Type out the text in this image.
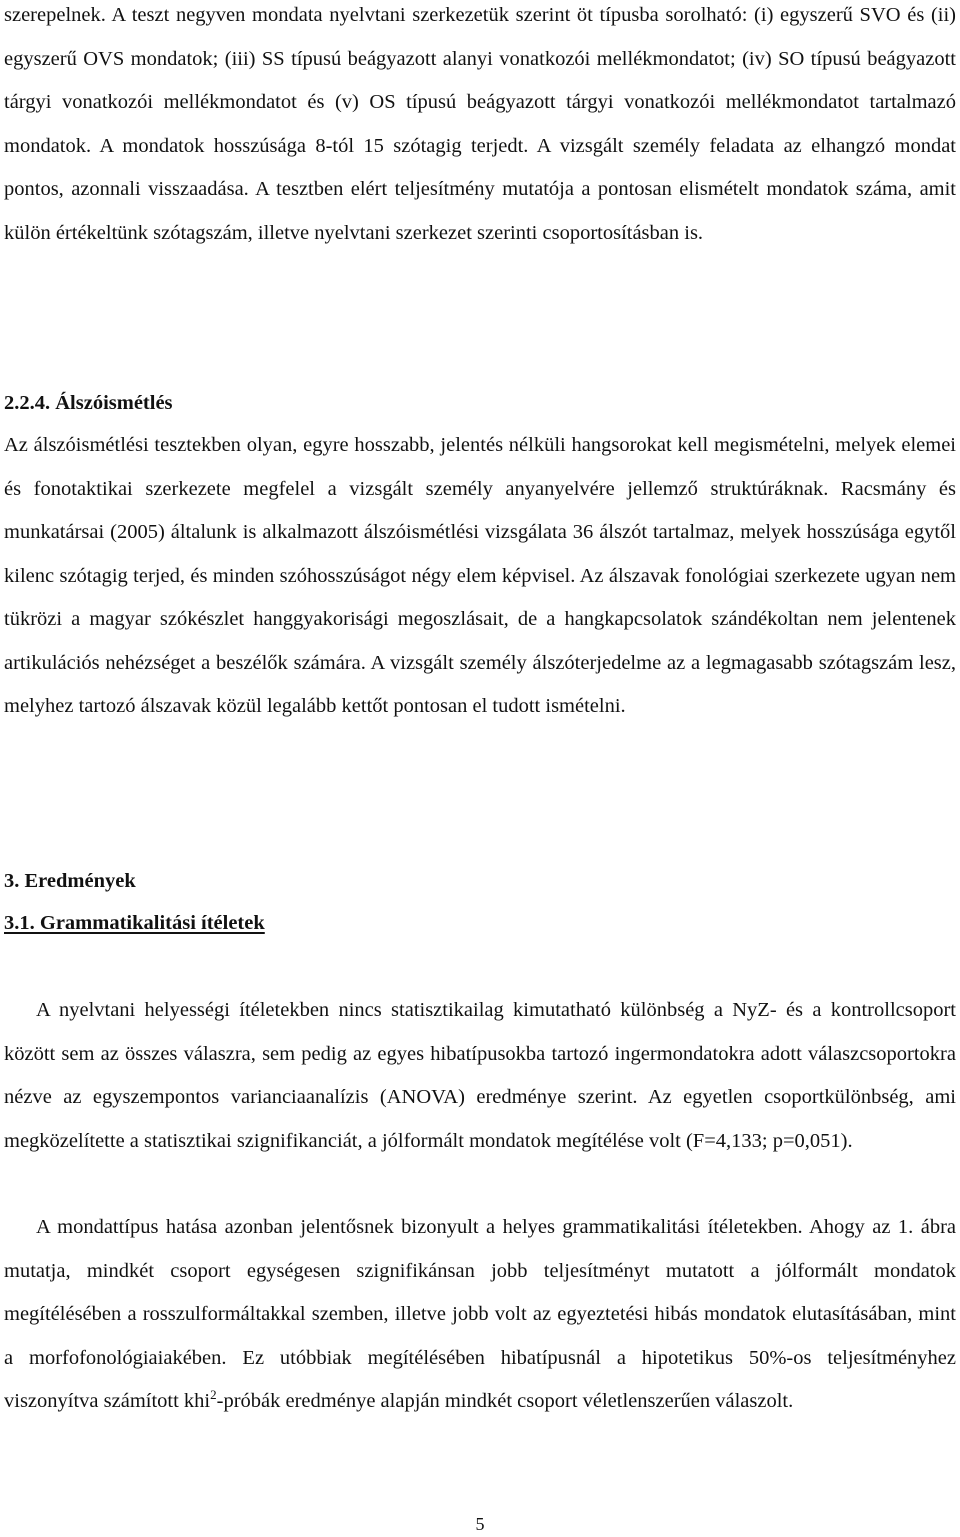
szerepelnek. A teszt negyven mondata nyelvtani szerkezetük szerint öt típusba sorolható: (i) egyszerű SVO és (ii) egyszerű OVS mondatok; (iii) SS típusú beágyazott alanyi vonatkozói mellékmondatot; (iv) SO típusú beágyazott tárgyi vonatkozói mellékmondatot és (v) OS típusú beágyazott tárgyi vonatkozói mellékmondatot tartalmazó mondatok. A mondatok hosszúsága 8-tól 15 szótagig terjedt. A vizsgált személy feladata az elhangzó mondat pontos, azonnali visszaadása. A tesztben elért teljesítmény mutatója a pontosan elismételt mondatok száma, amit külön értékeltünk szótagszám, illetve nyelvtani szerkezet szerinti csoportosításban is.

2.2.4. Álszóismétlés

Az álszóismétlési tesztekben olyan, egyre hosszabb, jelentés nélküli hangsorokat kell megismételni, melyek elemei és fonotaktikai szerkezete megfelel a vizsgált személy anyanyelvére jellemző struktúráknak. Racsmány és munkatársai (2005) általunk is alkalmazott álszóismétlési vizsgálata 36 álszót tartalmaz, melyek hosszúsága egytől kilenc szótagig terjed, és minden szóhosszúságot négy elem képvisel. Az álszavak fonológiai szerkezete ugyan nem tükrözi a magyar szókészlet hanggyakorisági megoszlásait, de a hangkapcsolatok szándékoltan nem jelentenek artikulációs nehézséget a beszélők számára. A vizsgált személy álszóterjedelme az a legmagasabb szótagszám lesz, melyhez tartozó álszavak közül legalább kettőt pontosan el tudott ismételni.

3. Eredmények
3.1. Grammatikalitási ítéletek

A nyelvtani helyességi ítéletekben nincs statisztikailag kimutatható különbség a NyZ- és a kontrollcsoport között sem az összes válaszra, sem pedig az egyes hibatípusokba tartozó ingermondatokra adott válaszcsoportokra nézve az egyszempontos varianciaanalízis (ANOVA) eredménye szerint. Az egyetlen csoportkülönbség, ami megközelítette a statisztikai szignifikanciát, a jólformált mondatok megítélése volt (F=4,133; p=0,051).

A mondattípus hatása azonban jelentősnek bizonyult a helyes grammatikalitási ítéletekben. Ahogy az 1. ábra mutatja, mindkét csoport egységesen szignifikánsan jobb teljesítményt mutatott a jólformált mondatok megítélésében a rosszulformáltakkal szemben, illetve jobb volt az egyeztetési hibás mondatok elutasításában, mint a morfofonológiaiakében. Ez utóbbiak megítélésében hibatípusnál a hipotetikus 50%-os teljesítményhez viszonyítva számított khi$^2$-próbák eredménye alapján mindkét csoport véletlenszerűen válaszolt.

5
